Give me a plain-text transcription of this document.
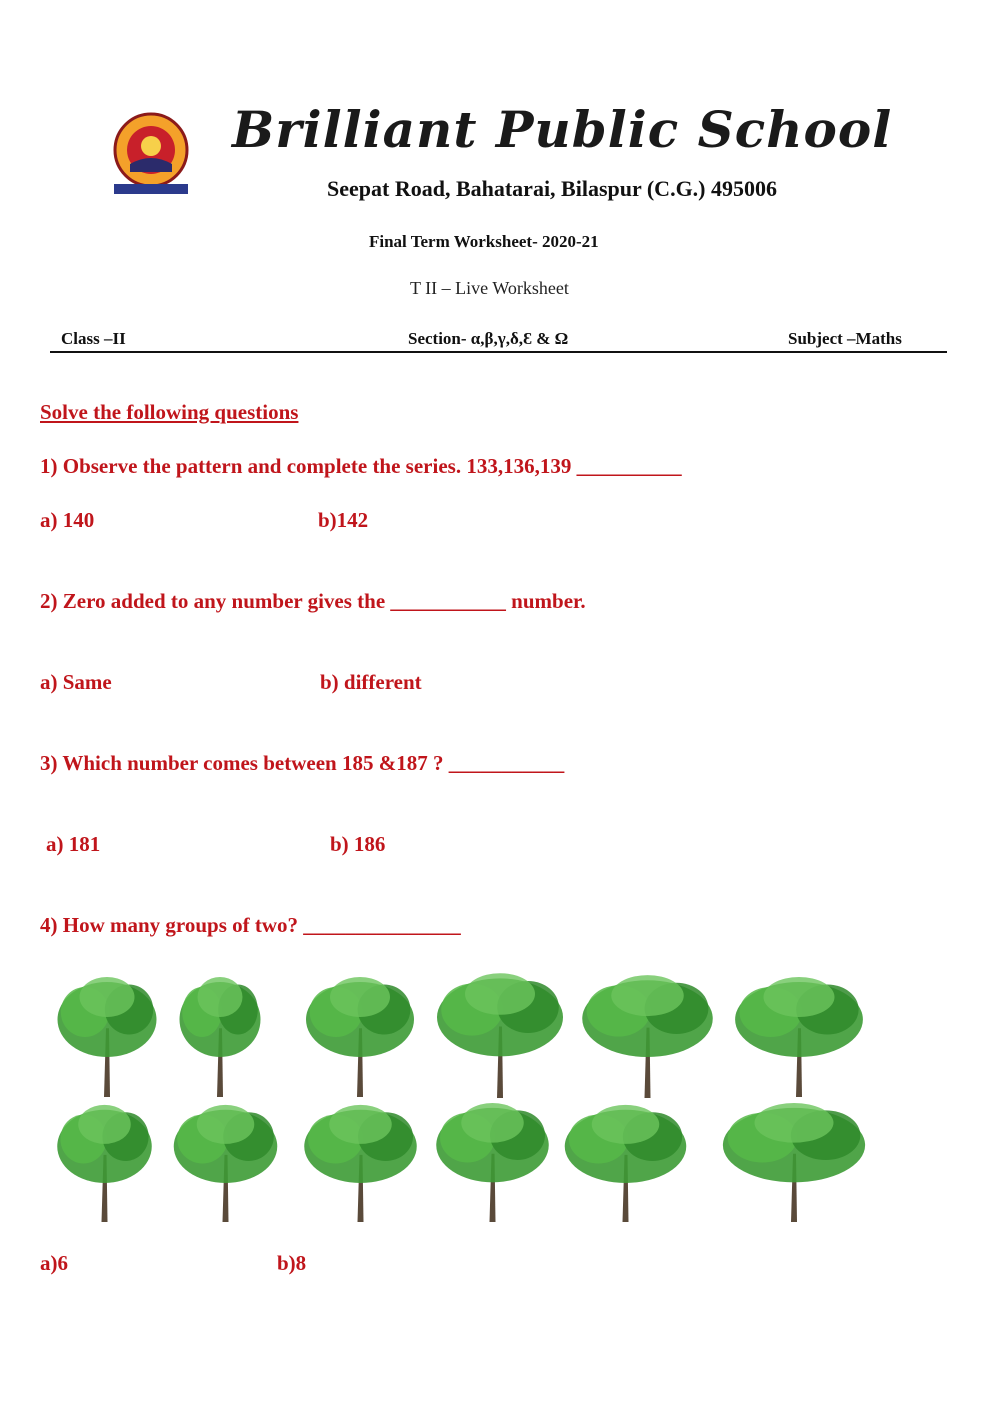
Brilliant Public School
Seepat Road, Bahatarai, Bilaspur (C.G.) 495006
Final Term Worksheet- 2020-21
T II – Live Worksheet
Class –II	Section- α,β,γ,δ,Ɛ & Ω	Subject –Maths
Solve the following questions
1) Observe the pattern and complete the series. 133,136,139 __________
a) 140	b)142
2) Zero added to any number gives the ___________ number.
a) Same	b) different
3) Which number comes between 185 &187 ? ___________
a) 181	b) 186
4) How many groups of two? _______________
a)6	b)8
